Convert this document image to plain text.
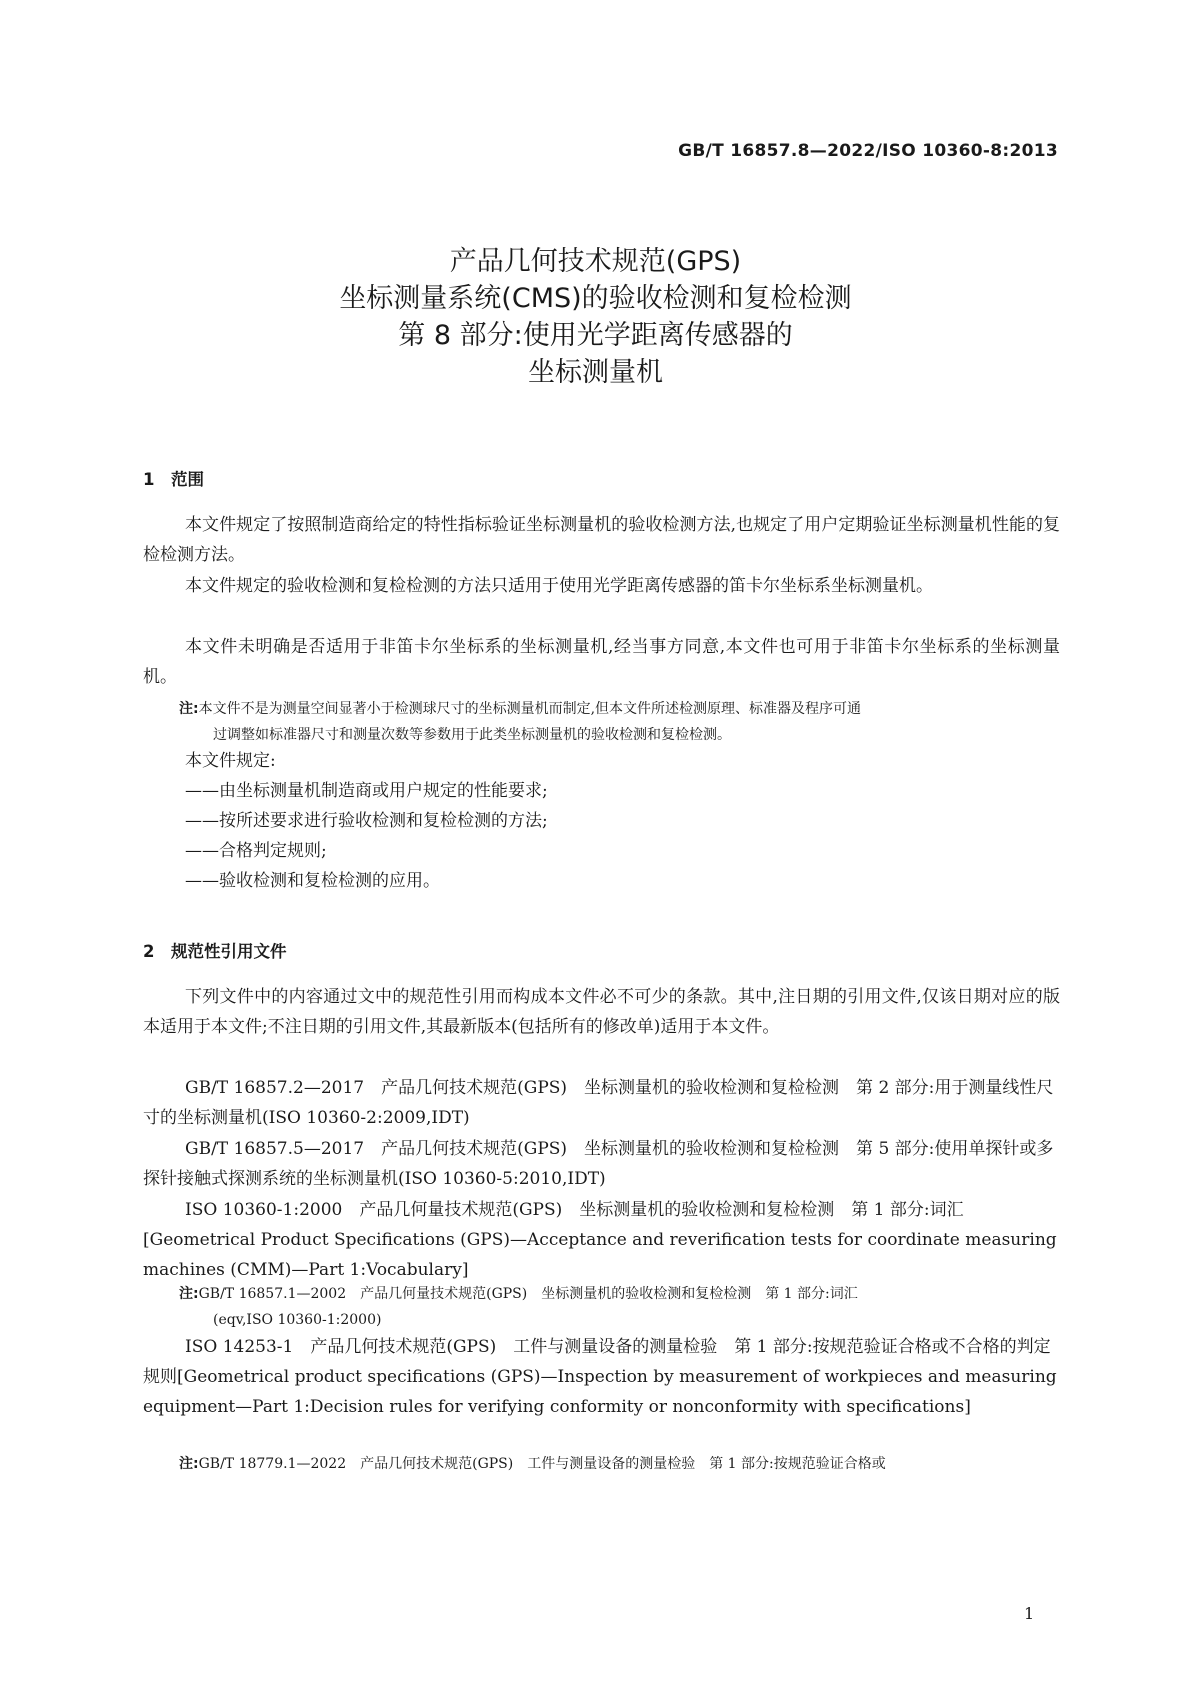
GB/T 16857.8—2022/ISO 10360-8:2013
产品几何技术规范(GPS)
坐标测量系统(CMS)的验收检测和复检检测
第 8 部分:使用光学距离传感器的
坐标测量机
1 范围
本文件规定了按照制造商给定的特性指标验证坐标测量机的验收检测方法,也规定了用户定期验证坐标测量机性能的复检检测方法。
本文件规定的验收检测和复检检测的方法只适用于使用光学距离传感器的笛卡尔坐标系坐标测量机。
本文件未明确是否适用于非笛卡尔坐标系的坐标测量机,经当事方同意,本文件也可用于非笛卡尔坐标系的坐标测量机。
注:本文件不是为测量空间显著小于检测球尺寸的坐标测量机而制定,但本文件所述检测原理、标准器及程序可通
过调整如标准器尺寸和测量次数等参数用于此类坐标测量机的验收检测和复检检测。
本文件规定:
——由坐标测量机制造商或用户规定的性能要求;
——按所述要求进行验收检测和复检检测的方法;
——合格判定规则;
——验收检测和复检检测的应用。
2 规范性引用文件
下列文件中的内容通过文中的规范性引用而构成本文件必不可少的条款。其中,注日期的引用文件,仅该日期对应的版本适用于本文件;不注日期的引用文件,其最新版本(包括所有的修改单)适用于本文件。
GB/T 16857.2—2017　产品几何技术规范(GPS)　坐标测量机的验收检测和复检检测　第 2 部分:用于测量线性尺寸的坐标测量机(ISO 10360-2:2009,IDT)
GB/T 16857.5—2017　产品几何技术规范(GPS)　坐标测量机的验收检测和复检检测　第 5 部分:使用单探针或多探针接触式探测系统的坐标测量机(ISO 10360-5:2010,IDT)
ISO 10360-1:2000　产品几何量技术规范(GPS)　坐标测量机的验收检测和复检检测　第 1 部分:词汇[Geometrical Product Specifications (GPS)—Acceptance and reverification tests for coordinate measuring machines (CMM)—Part 1:Vocabulary]
注:GB/T 16857.1—2002　产品几何量技术规范(GPS)　坐标测量机的验收检测和复检检测　第 1 部分:词汇
(eqv,ISO 10360-1:2000)
ISO 14253-1　产品几何技术规范(GPS)　工件与测量设备的测量检验　第 1 部分:按规范验证合格或不合格的判定规则[Geometrical product specifications (GPS)—Inspection by measurement of workpieces and measuring equipment—Part 1:Decision rules for verifying conformity or nonconformity with specifications]
注:GB/T 18779.1—2022　产品几何技术规范(GPS)　工件与测量设备的测量检验　第 1 部分:按规范验证合格或
1
